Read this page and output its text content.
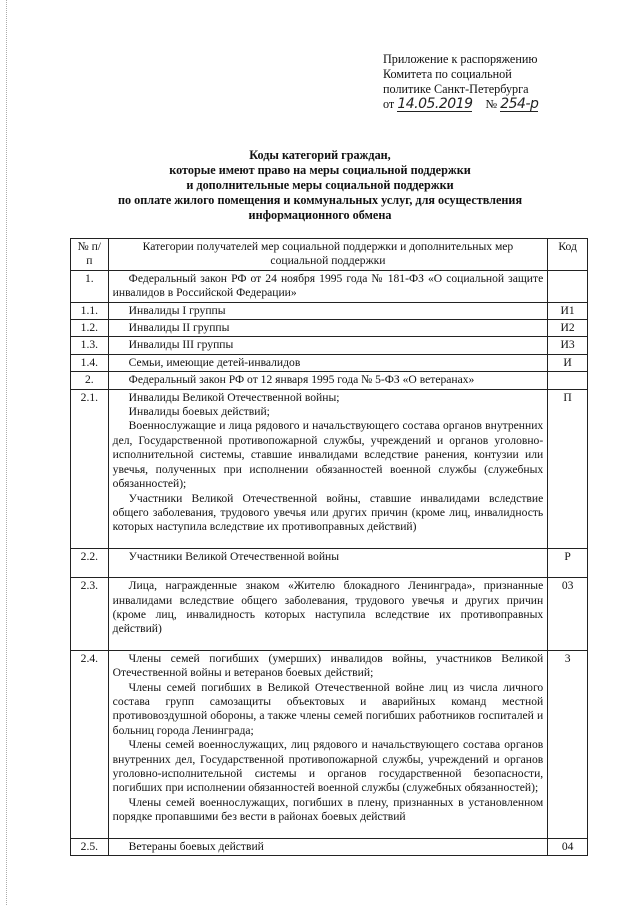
Приложение к распоряжению
Комитета по социальной
политике Санкт-Петербурга
от 14.05.2019 № 254-р
Коды категорий граждан,
которые имеют право на меры социальной поддержки
и дополнительные меры социальной поддержки
по оплате жилого помещения и коммунальных услуг, для осуществления
информационного обмена
№ п/п	Категории получателей мер социальной поддержки и дополнительных мер социальной поддержки	Код
1.	Федеральный закон РФ от 24 ноября 1995 года № 181-ФЗ «О социальной защите инвалидов в Российской Федерации»	

1.1.	Инвалиды I группы	И1
1.2.	Инвалиды II группы	И2
1.3.	Инвалиды III группы	И3
1.4.	Семьи, имеющие детей-инвалидов	И
2.	Федеральный закон РФ от 12 января 1995 года № 5-ФЗ «О ветеранах»	

2.1.	Инвалиды Великой Отечественной войны;

Инвалиды боевых действий;

Военнослужащие и лица рядового и начальствующего состава органов внутренних дел, Государственной противопожарной службы, учреждений и органов уголовно-исполнительной системы, ставшие инвалидами вследствие ранения, контузии или увечья, полученных при исполнении обязанностей военной службы (служебных обязанностей);

Участники Великой Отечественной войны, ставшие инвалидами вследствие общего заболевания, трудового увечья или других причин (кроме лиц, инвалидность которых наступила вследствие их противоправных действий)	П
2.2.	Участники Великой Отечественной войны	Р
2.3.	Лица, награжденные знаком «Жителю блокадного Ленинграда», признанные инвалидами вследствие общего заболевания, трудового увечья и других причин (кроме лиц, инвалидность которых наступила вследствие их противоправных действий)	03
2.4.	Члены семей погибших (умерших) инвалидов войны, участников Великой Отечественной войны и ветеранов боевых действий;

Члены семей погибших в Великой Отечественной войне лиц из числа личного состава групп самозащиты объектовых и аварийных команд местной противовоздушной обороны, а также члены семей погибших работников госпиталей и больниц города Ленинграда;

Члены семей военнослужащих, лиц рядового и начальствующего состава органов внутренних дел, Государственной противопожарной службы, учреждений и органов уголовно-исполнительной системы и органов государственной безопасности, погибших при исполнении обязанностей военной службы (служебных обязанностей);

Члены семей военнослужащих, погибших в плену, признанных в установленном порядке пропавшими без вести в районах боевых действий	3
2.5.	Ветераны боевых действий	04
